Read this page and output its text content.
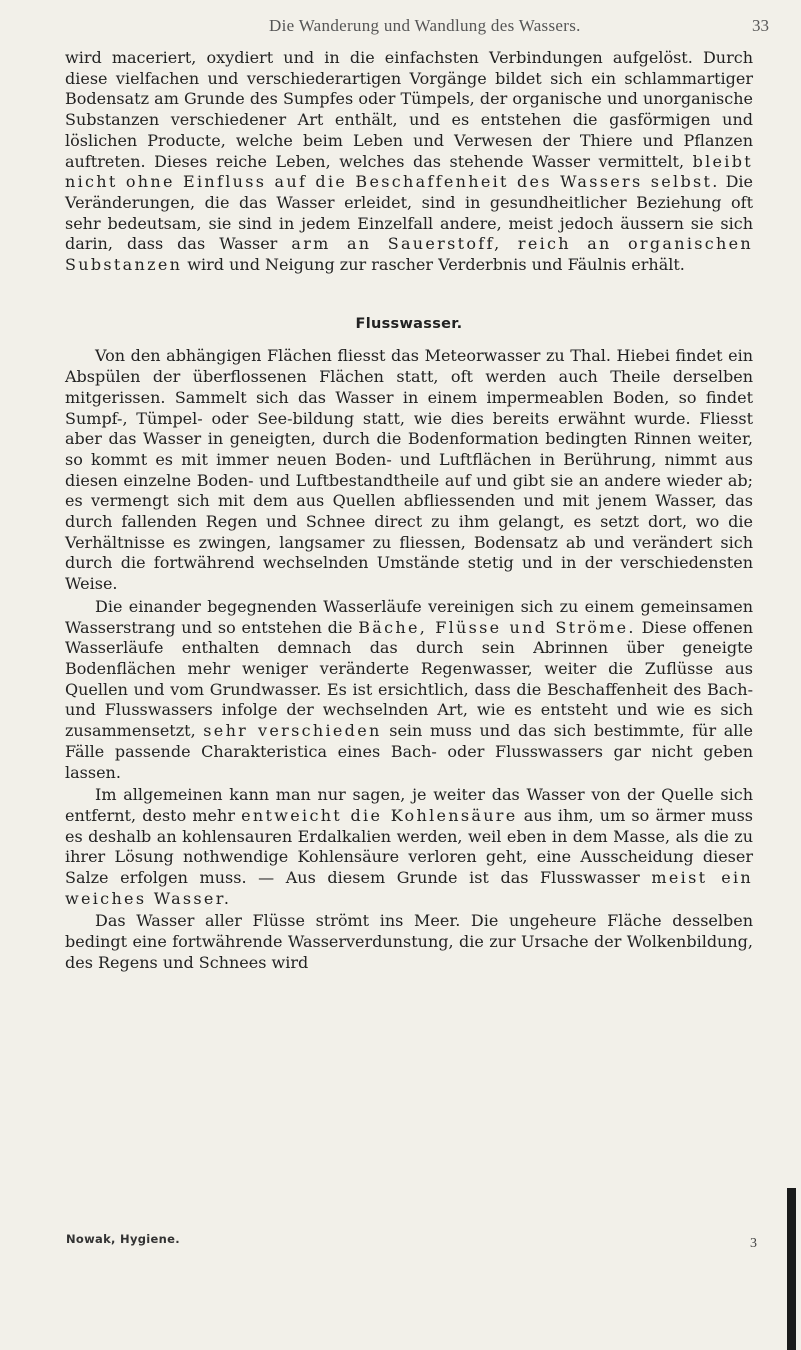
Die Wanderung und Wandlung des Wassers.	33

wird maceriert, oxydiert und in die einfachsten Verbindungen aufgelöst. Durch diese vielfachen und verschiederartigen Vorgänge bildet sich ein schlammartiger Bodensatz am Grunde des Sumpfes oder Tümpels, der organische und unorganische Substanzen verschiedener Art enthält, und es entstehen die gasförmigen und löslichen Producte, welche beim Leben und Verwesen der Thiere und Pflanzen auftreten. Dieses reiche Leben, welches das stehende Wasser vermittelt, bleibt nicht ohne Einfluss auf die Beschaffenheit des Wassers selbst. Die Veränderungen, die das Wasser erleidet, sind in gesundheitlicher Beziehung oft sehr bedeutsam, sie sind in jedem Einzelfall andere, meist jedoch äussern sie sich darin, dass das Wasser arm an Sauerstoff, reich an organischen Substanzen wird und Neigung zur rascher Verderbnis und Fäulnis erhält.

Flusswasser.

Von den abhängigen Flächen fliesst das Meteorwasser zu Thal. Hiebei findet ein Abspülen der überflossenen Flächen statt, oft werden auch Theile derselben mitgerissen. Sammelt sich das Wasser in einem impermeablen Boden, so findet Sumpf-, Tümpel- oder See-bildung statt, wie dies bereits erwähnt wurde. Fliesst aber das Wasser in geneigten, durch die Bodenformation bedingten Rinnen weiter, so kommt es mit immer neuen Boden- und Luftflächen in Berührung, nimmt aus diesen einzelne Boden- und Luftbestandtheile auf und gibt sie an andere wieder ab; es vermengt sich mit dem aus Quellen abfliessenden und mit jenem Wasser, das durch fallenden Regen und Schnee direct zu ihm gelangt, es setzt dort, wo die Verhältnisse es zwingen, langsamer zu fliessen, Bodensatz ab und verändert sich durch die fortwährend wechselnden Umstände stetig und in der verschiedensten Weise.

Die einander begegnenden Wasserläufe vereinigen sich zu einem gemeinsamen Wasserstrang und so entstehen die Bäche, Flüsse und Ströme. Diese offenen Wasserläufe enthalten demnach das durch sein Abrinnen über geneigte Bodenflächen mehr weniger veränderte Regenwasser, weiter die Zuflüsse aus Quellen und vom Grundwasser. Es ist ersichtlich, dass die Beschaffenheit des Bach- und Flusswassers infolge der wechselnden Art, wie es entsteht und wie es sich zusammensetzt, sehr verschieden sein muss und das sich bestimmte, für alle Fälle passende Charakteristica eines Bach- oder Flusswassers gar nicht geben lassen.

Im allgemeinen kann man nur sagen, je weiter das Wasser von der Quelle sich entfernt, desto mehr entweicht die Kohlensäure aus ihm, um so ärmer muss es deshalb an kohlensauren Erdalkalien werden, weil eben in dem Masse, als die zu ihrer Lösung nothwendige Kohlensäure verloren geht, eine Ausscheidung dieser Salze erfolgen muss. — Aus diesem Grunde ist das Flusswasser meist ein weiches Wasser.

Das Wasser aller Flüsse strömt ins Meer. Die ungeheure Fläche desselben bedingt eine fortwährende Wasserverdunstung, die zur Ursache der Wolkenbildung, des Regens und Schnees wird

Nowak, Hygiene.	3
